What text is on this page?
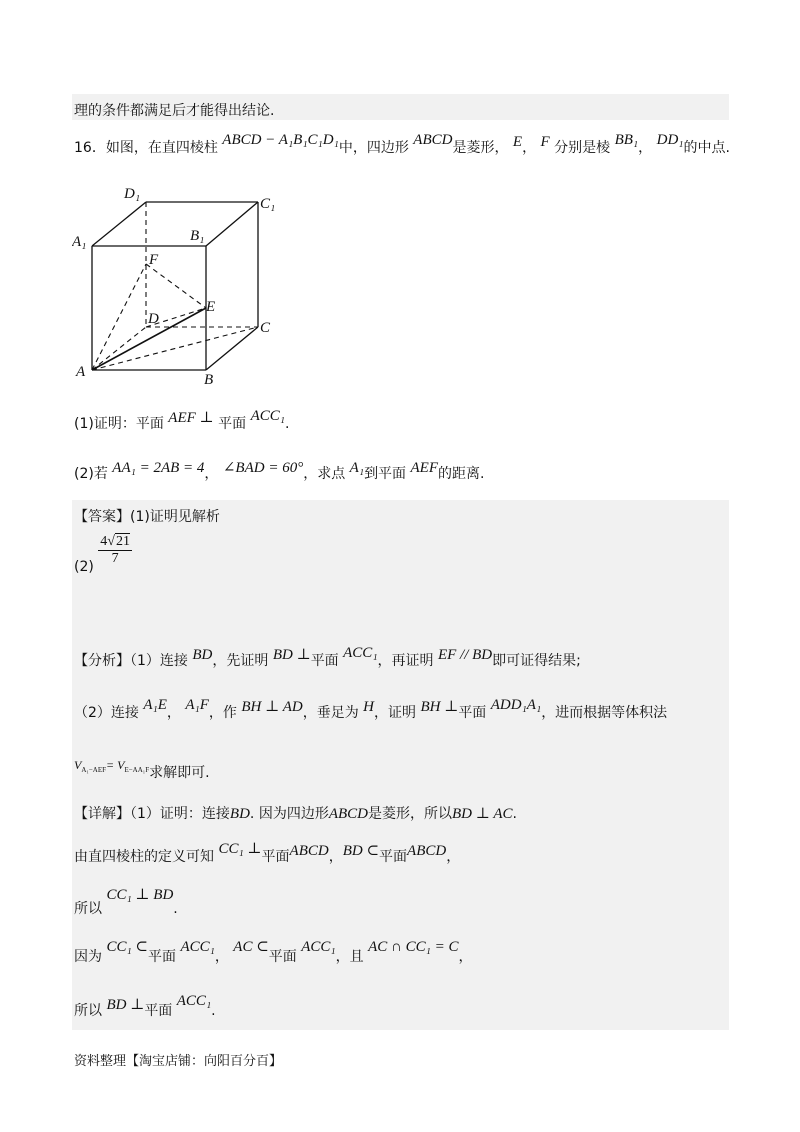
理的条件都满足后才能得出结论.
16．如图，在直四棱柱 ABCD − A₁B₁C₁D₁中，四边形 ABCD是菱形， E， F 分别是棱 BB₁， DD₁的中点.
D₁
C₁
A₁	B₁
F
E
D
C
A	B
(1)证明：平面 AEF ⊥ 平面 ACC₁.
(2)若 AA₁ = 2AB = 4， ∠BAD = 60°，求点 A₁到平面 AEF的距离.
【答案】(1)证明见解析
$(2) \frac{4√21}{7}$
【分析】（1）连接 BD，先证明 BD ⊥平面 ACC₁，再证明 EF // BD即可证得结果;
（2）连接 A₁E， A₁F，作 BH ⊥ AD，垂足为 H，证明 BH ⊥平面 ADD₁A₁，进而根据等体积法
$V_{A_1-AEF}= V_{E-AA_1F}$求解即可.
【详解】（1）证明：连接BD. 因为四边形ABCD是菱形，所以BD ⊥ AC.
由直四棱柱的定义可知 CC₁ ⊥平面ABCD，BD ⊂平面ABCD，
所以 CC₁ ⊥ BD.
因为 CC₁ ⊂平面 ACC₁， AC ⊂平面 ACC₁，且 AC ∩ CC₁ = C，
所以 BD ⊥平面 ACC₁.
资料整理【淘宝店铺：向阳百分百】
